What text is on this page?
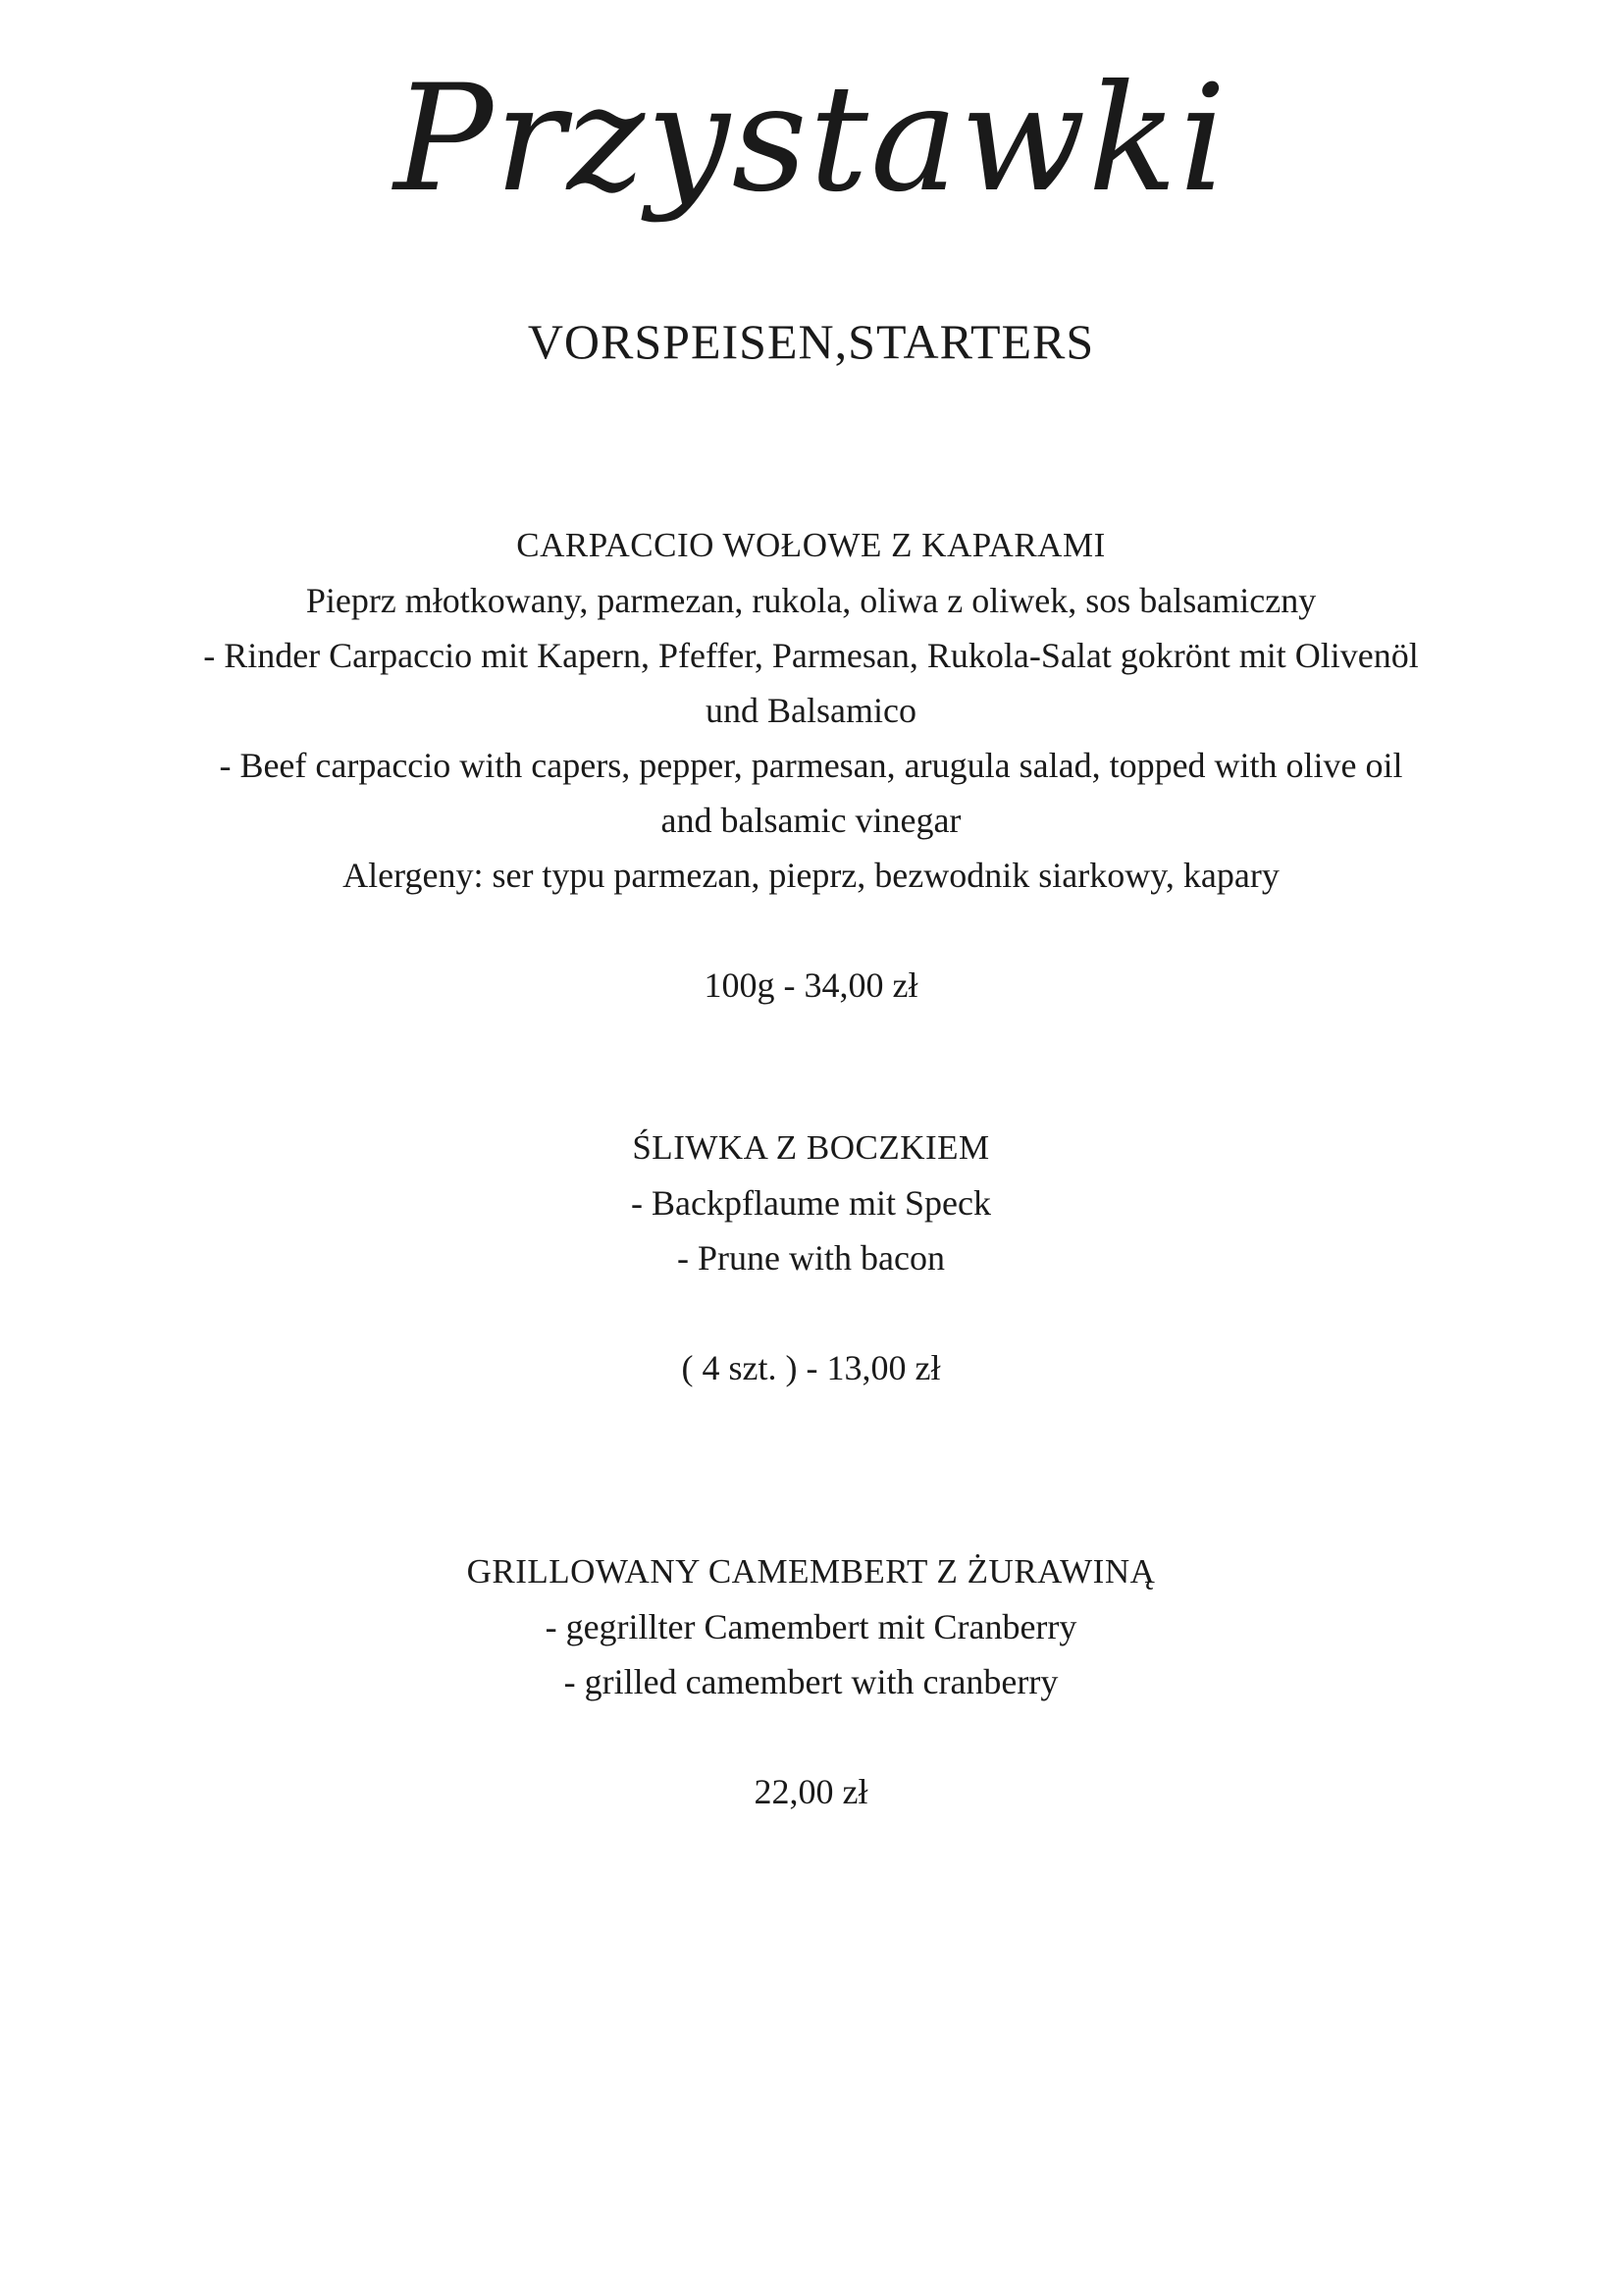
Przystawki
VORSPEISEN,STARTERS
CARPACCIO WOŁOWE Z KAPARAMI
Pieprz młotkowany, parmezan, rukola, oliwa z oliwek, sos balsamiczny
- Rinder Carpaccio mit Kapern, Pfeffer, Parmesan, Rukola-Salat gokrönt mit Olivenöl
und Balsamico
- Beef carpaccio with capers, pepper, parmesan, arugula salad, topped with olive oil
and balsamic vinegar
Alergeny: ser typu parmezan, pieprz, bezwodnik siarkowy, kapary
100g - 34,00 zł
ŚLIWKA Z BOCZKIEM
- Backpflaume mit Speck
- Prune with bacon
( 4 szt. ) - 13,00 zł
GRILLOWANY CAMEMBERT Z ŻURAWINĄ
- gegrillter Camembert mit Cranberry
- grilled camembert with cranberry
22,00 zł
